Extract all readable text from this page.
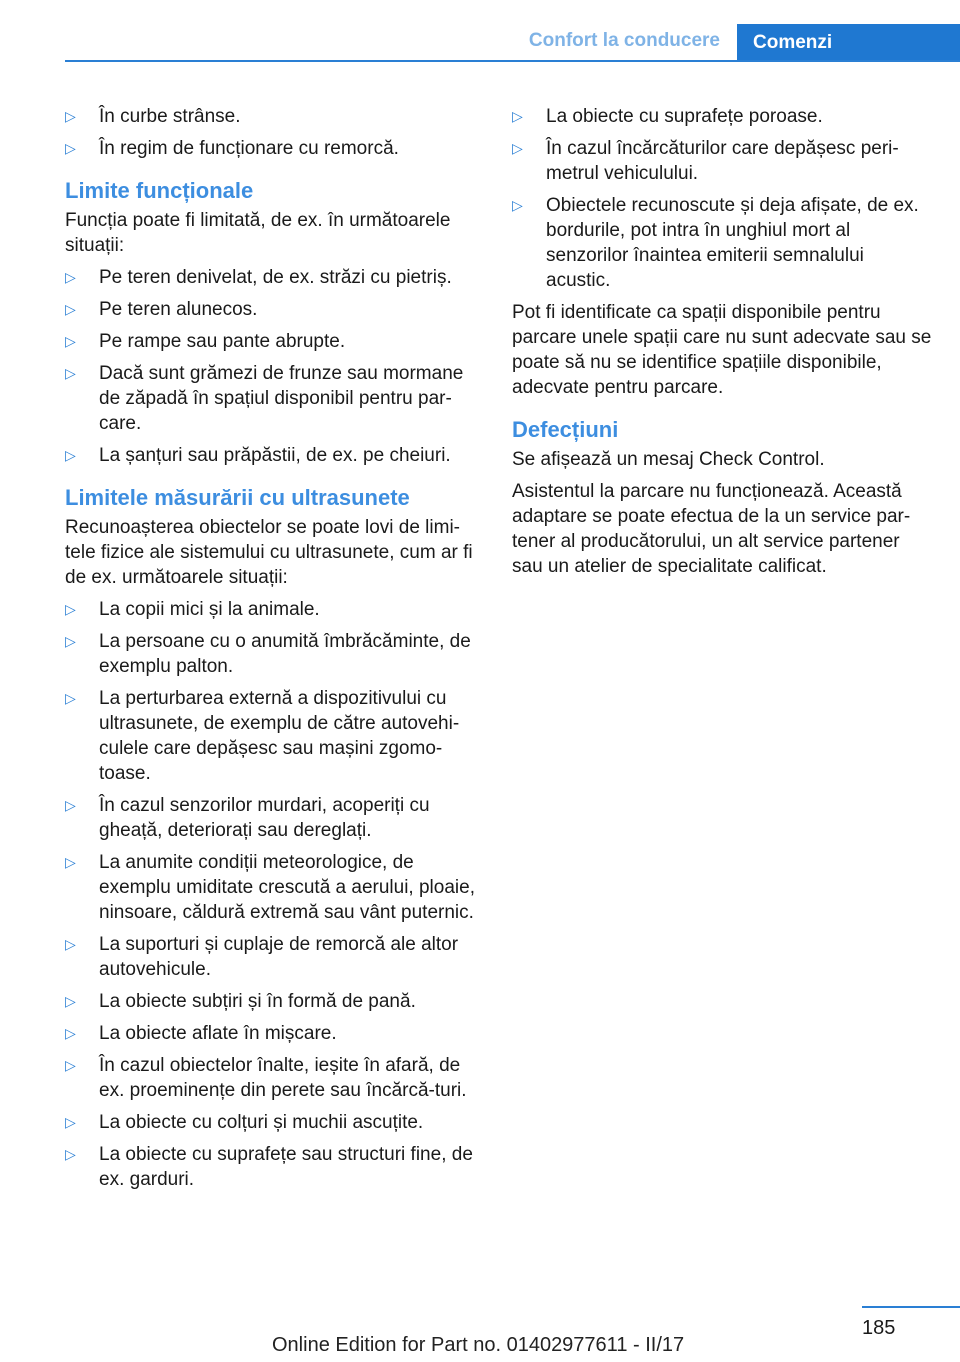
Confort la conducere	Comenzi
▷ În curbe strânse.
▷ În regim de funcționare cu remorcă.
Limite funcționale
Funcția poate fi limitată, de ex. în următoarele situații:
▷ Pe teren denivelat, de ex. străzi cu pietriș.
▷ Pe teren alunecos.
▷ Pe rampe sau pante abrupte.
▷ Dacă sunt grămezi de frunze sau mormane de zăpadă în spațiul disponibil pentru par-care.
▷ La șanțuri sau prăpăstii, de ex. pe cheiuri.
Limitele măsurării cu ultrasunete
Recunoașterea obiectelor se poate lovi de limi-tele fizice ale sistemului cu ultrasunete, cum ar fi de ex. următoarele situații:
▷ La copii mici și la animale.
▷ La persoane cu o anumită îmbrăcăminte, de exemplu palton.
▷ La perturbarea externă a dispozitivului cu ultrasunete, de exemplu de către autovehi-culele care depășesc sau mașini zgomo-toase.
▷ În cazul senzorilor murdari, acoperiți cu gheață, deteriorați sau dereglați.
▷ La anumite condiții meteorologice, de exemplu umiditate crescută a aerului, ploaie, ninsoare, căldură extremă sau vânt puternic.
▷ La suporturi și cuplaje de remorcă ale altor autovehicule.
▷ La obiecte subțiri și în formă de pană.
▷ La obiecte aflate în mișcare.
▷ În cazul obiectelor înalte, ieșite în afară, de ex. proeminențe din perete sau încărcă-turi.
▷ La obiecte cu colțuri și muchii ascuțite.
▷ La obiecte cu suprafețe sau structuri fine, de ex. garduri.
▷ La obiecte cu suprafețe poroase.
▷ În cazul încărcăturilor care depășesc peri-metrul vehiculului.
▷ Obiectele recunoscute și deja afișate, de ex. bordurile, pot intra în unghiul mort al senzorilor înaintea emiterii semnalului acustic.
Pot fi identificate ca spații disponibile pentru parcare unele spații care nu sunt adecvate sau se poate să nu se identifice spațiile disponibile, adecvate pentru parcare.
Defecțiuni
Se afișează un mesaj Check Control.
Asistentul la parcare nu funcționează. Această adaptare se poate efectua de la un service par-tener al producătorului, un alt service partener sau un atelier de specialitate calificat.
185
Online Edition for Part no. 01402977611 - II/17
